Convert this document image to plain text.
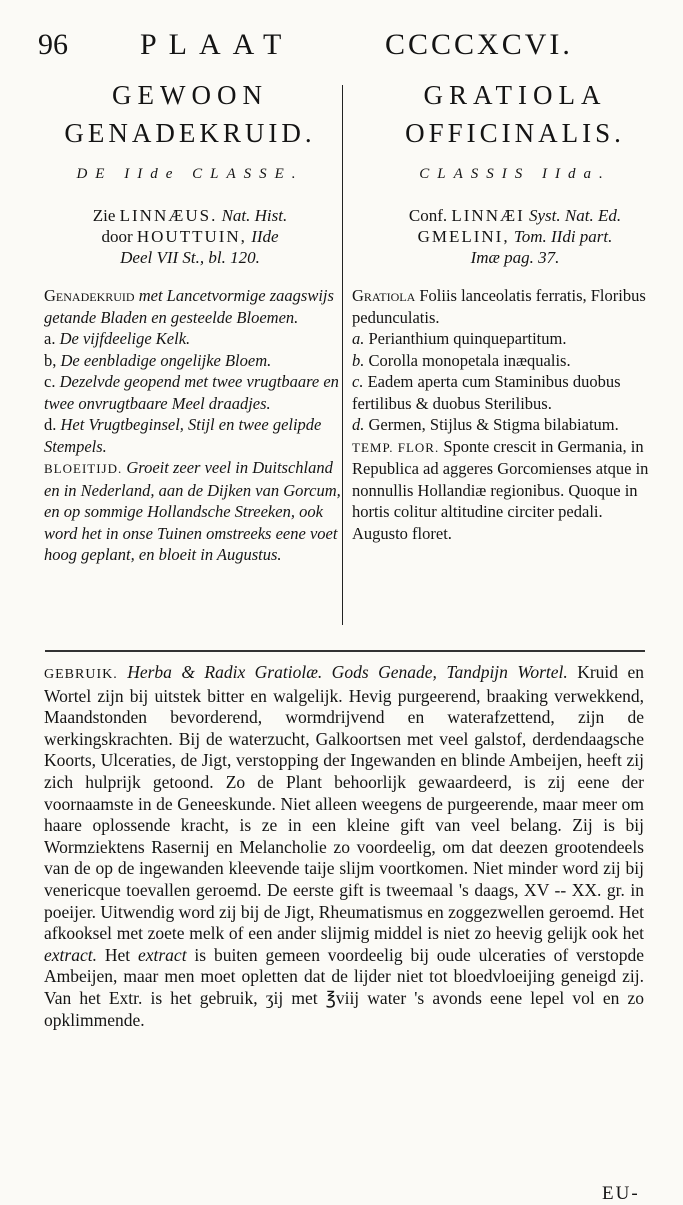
96 PLAAT	CCCCXCVI.
GEWOON
GENADEKRUID.
DE IIde CLASSE.
Zie LINNÆUS. Nat. Hist.
door HOUTTUIN, IIde
Deel VII St., bl. 120.
GRATIOLA
OFFICINALIS.
CLASSIS IIda.
Conf. LINNÆI Syst. Nat. Ed.
GMELINI, Tom. IIdi part.
Imæ pag. 37.

Genadekruid met Lancetvormige zaagswijs getande Bladen en gesteelde Bloemen.

a. De vijfdeelige Kelk.

b, De eenbladige ongelijke Bloem.

c. Dezelvde geopend met twee vrugtbaare en twee onvrugtbaare Meel draadjes.

d. Het Vrugtbeginsel, Stijl en twee gelipde Stempels.

BLOEITIJD. Groeit zeer veel in Duitschland en in Nederland, aan de Dijken van Gorcum, en op sommige Hollandsche Streeken, ook word het in onse Tuinen omstreeks eene voet hoog geplant, en bloeit in Augustus.

Gratiola Foliis lanceolatis ferratis, Floribus pedunculatis.

a. Perianthium quinquepartitum.

b. Corolla monopetala inæqualis.

c. Eadem aperta cum Staminibus duobus fertilibus & duobus Sterilibus.

d. Germen, Stijlus & Stigma bilabiatum.

TEMP. FLOR. Sponte crescit in Germania, in Republica ad aggeres Gorcomienses atque in nonnullis Hollandiæ regionibus. Quoque in hortis colitur altitudine circiter pedali. Augusto floret.

GEBRUIK. Herba & Radix Gratiolæ. Gods Genade, Tandpijn Wortel. Kruid en Wortel zijn bij uitstek bitter en walgelijk. Hevig purgeerend, braaking verwekkend, Maandstonden bevorderend, wormdrijvend en waterafzettend, zijn de werkingskrachten. Bij de waterzucht, Galkoortsen met veel galstof, derdendaagsche Koorts, Ulceraties, de Jigt, verstopping der Ingewanden en blinde Ambeijen, heeft zij zich hulprijk getoond. Zo de Plant behoorlijk gewaardeerd, is zij eene der voornaamste in de Geneeskunde. Niet alleen weegens de purgeerende, maar meer om haare oplossende kracht, is ze in een kleine gift van veel belang. Zij is bij Wormziektens Rasernij en Melancholie zo voordeelig, om dat deezen grootendeels van de op de ingewanden kleevende taije slijm voortkomen. Niet minder word zij bij venericque toevallen geroemd. De eerste gift is tweemaal 's daags, XV -- XX. gr. in poeijer. Uitwendig word zij bij de Jigt, Rheumatismus en zoggezwellen geroemd. Het afkooksel met zoete melk of een ander slijmig middel is niet zo heevig gelijk ook het extract. Het extract is buiten gemeen voordeelig bij oude ulceraties of verstopde Ambeijen, maar men moet opletten dat de lijder niet tot bloedvloeijing geneigd zij. Van het Extr. is het gebruik, ʒij met ℥viij water 's avonds eene lepel vol en zo opklimmende.
EU-
